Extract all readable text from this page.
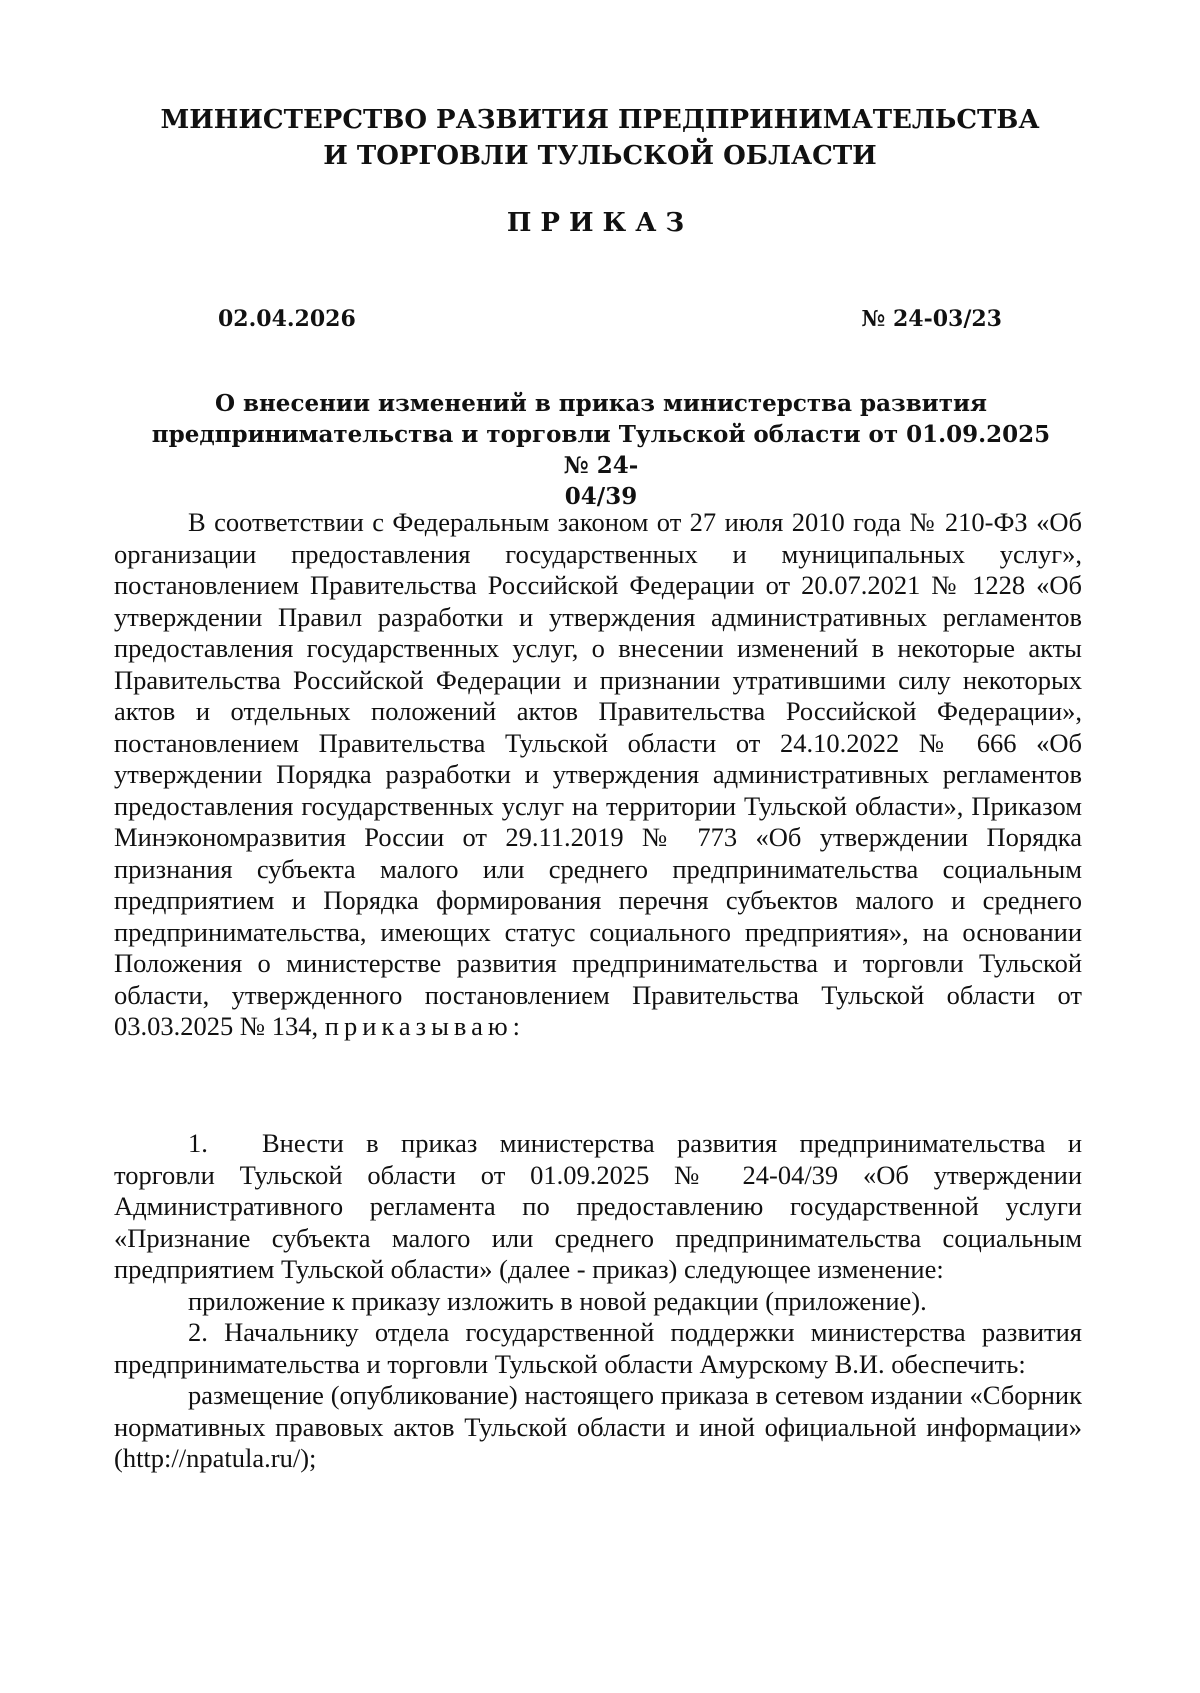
МИНИСТЕРСТВО РАЗВИТИЯ ПРЕДПРИНИМАТЕЛЬСТВА
И ТОРГОВЛИ ТУЛЬСКОЙ ОБЛАСТИ
ПРИКАЗ
02.04.2026	№ 24-03/23
О внесении изменений в приказ министерства развития
предпринимательства и торговли Тульской области от 01.09.2025 № 24-
04/39

В соответствии с Федеральным законом от 27 июля 2010 года № 210-ФЗ «Об организации предоставления государственных и муниципальных услуг», постановлением Правительства Российской Федерации от 20.07.2021 № 1228 «Об утверждении Правил разработки и утверждения административных регламентов предоставления государственных услуг, о внесении изменений в некоторые акты Правительства Российской Федерации и признании утратившими силу некоторых актов и отдельных положений актов Правительства Российской Федерации», постановлением Правительства Тульской области от 24.10.2022 № 666 «Об утверждении Порядка разработки и утверждения административных регламентов предоставления государственных услуг на территории Тульской области», Приказом Минэкономразвития России от 29.11.2019 № 773 «Об утверждении Порядка признания субъекта малого или среднего предпринимательства социальным предприятием и Порядка формирования перечня субъектов малого и среднего предпринимательства, имеющих статус социального предприятия», на основании Положения о министерстве развития предпринимательства и торговли Тульской области, утвержденного постановлением Правительства Тульской области от 03.03.2025 № 134, приказываю:

1. Внести в приказ министерства развития предпринимательства и торговли Тульской области от 01.09.2025 № 24-04/39 «Об утверждении Административного регламента по предоставлению государственной услуги «Признание субъекта малого или среднего предпринимательства социальным предприятием Тульской области» (далее - приказ) следующее изменение:

приложение к приказу изложить в новой редакции (приложение).

2. Начальнику отдела государственной поддержки министерства развития предпринимательства и торговли Тульской области Амурскому В.И. обеспечить:

размещение (опубликование) настоящего приказа в сетевом издании «Сборник нормативных правовых актов Тульской области и иной официальной информации» (http://npatula.ru/);
